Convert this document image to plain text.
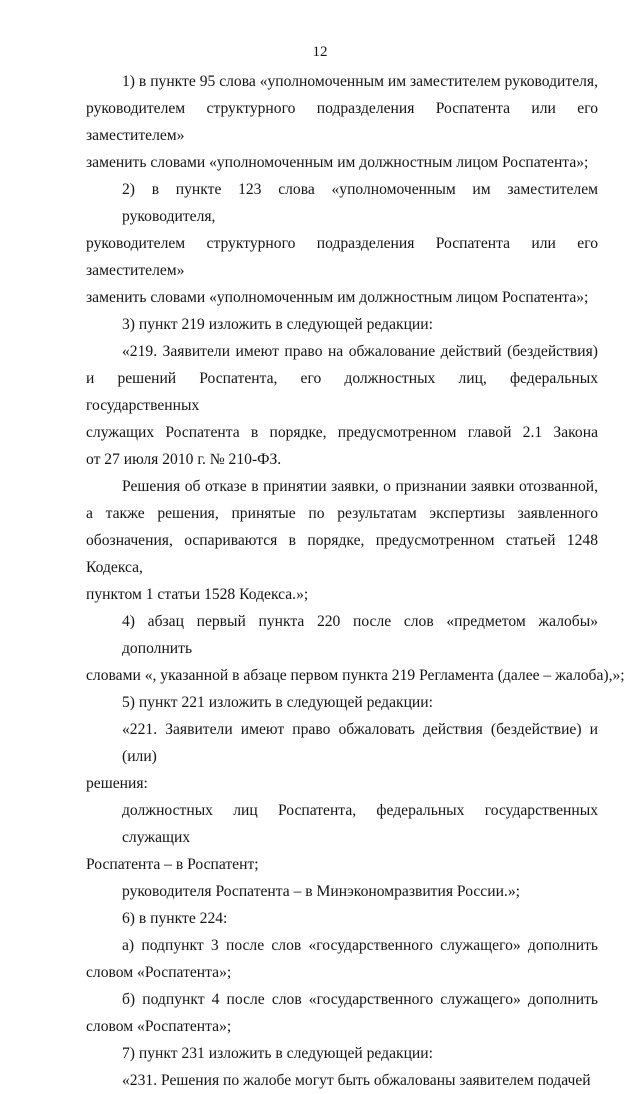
12
1) в пункте 95 слова «уполномоченным им заместителем руководителя,
руководителем структурного подразделения Роспатента или его заместителем»
заменить словами «уполномоченным им должностным лицом Роспатента»;
2) в пункте 123 слова «уполномоченным им заместителем руководителя,
руководителем структурного подразделения Роспатента или его заместителем»
заменить словами «уполномоченным им должностным лицом Роспатента»;
3) пункт 219 изложить в следующей редакции:
«219. Заявители имеют право на обжалование действий (бездействия)
и решений Роспатента, его должностных лиц, федеральных государственных
служащих Роспатента в порядке, предусмотренном главой 2.1 Закона
от 27 июля 2010 г. № 210-ФЗ.
Решения об отказе в принятии заявки, о признании заявки отозванной,
а также решения, принятые по результатам экспертизы заявленного
обозначения, оспариваются в порядке, предусмотренном статьей 1248 Кодекса,
пунктом 1 статьи 1528 Кодекса.»;
4) абзац первый пункта 220 после слов «предметом жалобы» дополнить
словами «, указанной в абзаце первом пункта 219 Регламента (далее – жалоба),»;
5) пункт 221 изложить в следующей редакции:
«221. Заявители имеют право обжаловать действия (бездействие) и (или)
решения:
должностных лиц Роспатента, федеральных государственных служащих
Роспатента – в Роспатент;
руководителя Роспатента – в Минэкономразвития России.»;
6) в пункте 224:
а) подпункт 3 после слов «государственного служащего» дополнить
словом «Роспатента»;
б) подпункт 4 после слов «государственного служащего» дополнить
словом «Роспатента»;
7) пункт 231 изложить в следующей редакции:
«231. Решения по жалобе могут быть обжалованы заявителем подачей
